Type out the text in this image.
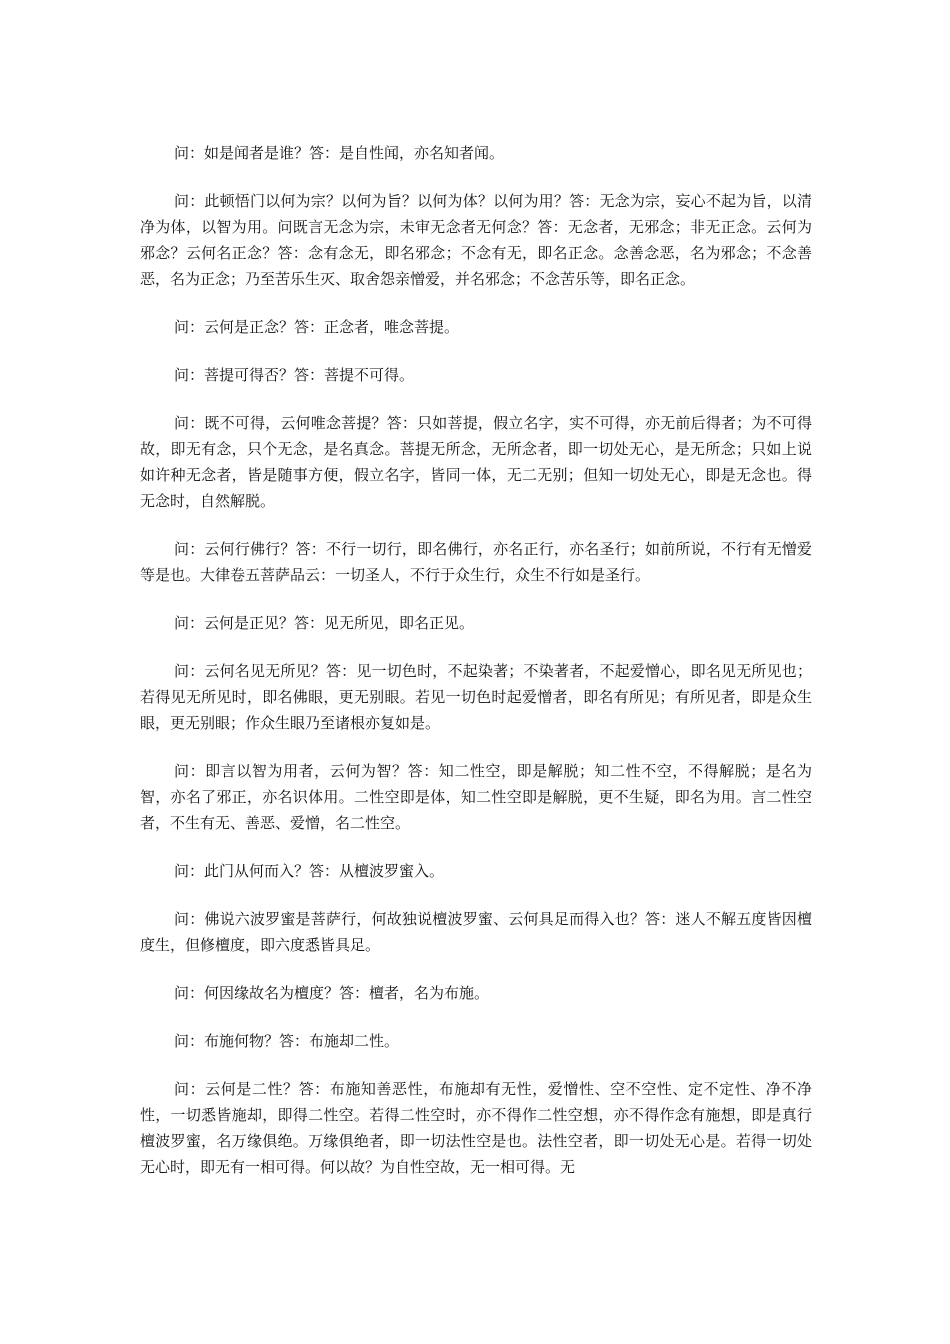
问：如是闻者是谁？答：是自性闻，亦名知者闻。

问：此顿悟门以何为宗？以何为旨？以何为体？以何为用？答：无念为宗，妄心不起为旨，以清净为体，以智为用。问既言无念为宗，未审无念者无何念？答：无念者，无邪念；非无正念。云何为邪念？云何名正念？答：念有念无，即名邪念；不念有无，即名正念。念善念恶，名为邪念；不念善恶，名为正念；乃至苦乐生灭、取舍怨亲憎爱，并名邪念；不念苦乐等，即名正念。

问：云何是正念？答：正念者，唯念菩提。

问：菩提可得否？答：菩提不可得。

问：既不可得，云何唯念菩提？答：只如菩提，假立名字，实不可得，亦无前后得者；为不可得故，即无有念，只个无念，是名真念。菩提无所念，无所念者，即一切处无心，是无所念；只如上说如许种无念者，皆是随事方便，假立名字，皆同一体，无二无别；但知一切处无心，即是无念也。得无念时，自然解脱。

问：云何行佛行？答：不行一切行，即名佛行，亦名正行，亦名圣行；如前所说，不行有无憎爱等是也。大律卷五菩萨品云：一切圣人，不行于众生行，众生不行如是圣行。

问：云何是正见？答：见无所见，即名正见。

问：云何名见无所见？答：见一切色时，不起染著；不染著者，不起爱憎心，即名见无所见也；若得见无所见时，即名佛眼，更无别眼。若见一切色时起爱憎者，即名有所见；有所见者，即是众生眼，更无别眼；作众生眼乃至诸根亦复如是。

问：即言以智为用者，云何为智？答：知二性空，即是解脱；知二性不空，不得解脱；是名为智，亦名了邪正，亦名识体用。二性空即是体，知二性空即是解脱，更不生疑，即名为用。言二性空者，不生有无、善恶、爱憎，名二性空。

问：此门从何而入？答：从檀波罗蜜入。

问：佛说六波罗蜜是菩萨行，何故独说檀波罗蜜、云何具足而得入也？答：迷人不解五度皆因檀度生，但修檀度，即六度悉皆具足。

问：何因缘故名为檀度？答：檀者，名为布施。

问：布施何物？答：布施却二性。

问：云何是二性？答：布施知善恶性，布施却有无性，爱憎性、空不空性、定不定性、净不净性，一切悉皆施却，即得二性空。若得二性空时，亦不得作二性空想，亦不得作念有施想，即是真行檀波罗蜜，名万缘俱绝。万缘俱绝者，即一切法性空是也。法性空者，即一切处无心是。若得一切处无心时，即无有一相可得。何以故？为自性空故，无一相可得。无
